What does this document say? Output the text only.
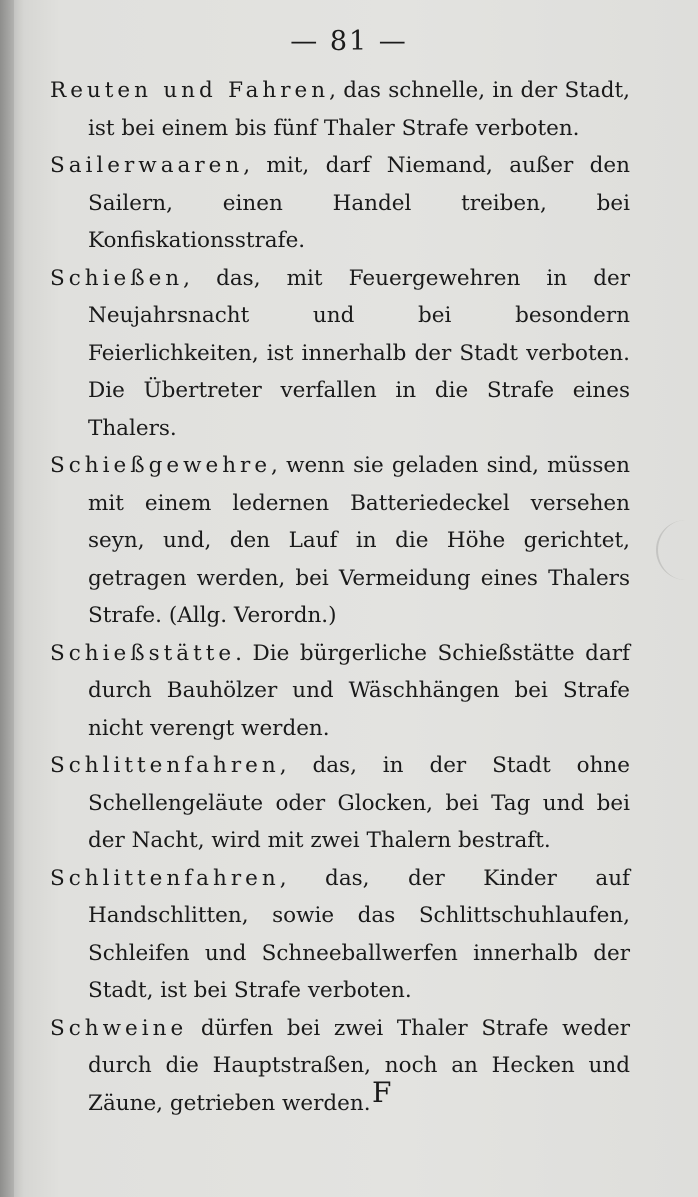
— 81 —

Reuten und Fahren, das schnelle, in der Stadt, ist bei einem bis fünf Thaler Strafe verboten.

Sailerwaaren, mit, darf Niemand, außer den Sailern, einen Handel treiben, bei Konfiskationsstrafe.

Schießen, das, mit Feuergewehren in der Neujahrsnacht und bei besondern Feierlichkeiten, ist innerhalb der Stadt verboten. Die Übertreter verfallen in die Strafe eines Thalers.

Schießgewehre, wenn sie geladen sind, müssen mit einem ledernen Batteriedeckel versehen seyn, und, den Lauf in die Höhe gerichtet, getragen werden, bei Vermeidung eines Thalers Strafe. (Allg. Verordn.)

Schießstätte. Die bürgerliche Schießstätte darf durch Bauhölzer und Wäschhängen bei Strafe nicht verengt werden.

Schlittenfahren, das, in der Stadt ohne Schellengeläute oder Glocken, bei Tag und bei der Nacht, wird mit zwei Thalern bestraft.

Schlittenfahren, das, der Kinder auf Handschlitten, sowie das Schlittschuhlaufen, Schleifen und Schneeballwerfen innerhalb der Stadt, ist bei Strafe verboten.

Schweine dürfen bei zwei Thaler Strafe weder durch die Hauptstraßen, noch an Hecken und Zäune, getrieben werden. F
